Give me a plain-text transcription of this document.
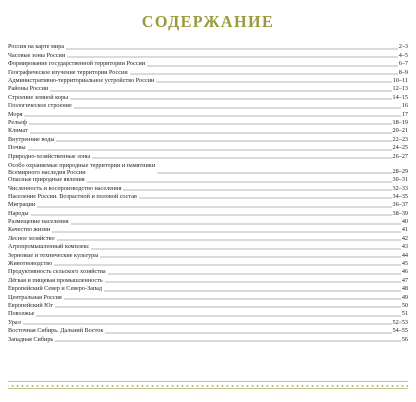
СОДЕРЖАНИЕ
Россия на карте мира	2–3
Часовые зоны России	4–5
Формирование государственной территории России	6–7
Географическое изучение территории России	8–9
Административно-территориальное устройство России	10–11
Районы России	12–13
Строение земной коры	14–15
Геологическое строение	16
Моря	17
Рельеф	18–19
Климат	20–21
Внутренние воды	22–23
Почвы	24–25
Природно-хозяйственные зоны	26–27
Особо охраняемые природные территории и памятники
Всемирного наследия России	28–29
Опасные природные явления	30–31
Численность и воспроизводство населения	32–33
Население России. Возрастной и половой состав	34–35
Миграции	36–37
Народы	38–39
Размещение населения	40
Качество жизни	41
Лесное хозяйство	42
Агропромышленный комплекс	43
Зерновые и технические культуры	44
Животноводство	45
Продуктивность сельского хозяйства	46
Лёгкая и пищевая промышленность	47
Европейский Север и Северо-Запад	48
Центральная Россия	49
Европейский Юг	50
Поволжье	51
Урал	52–53
Восточная Сибирь. Дальний Восток	54–55
Западная Сибирь	56
